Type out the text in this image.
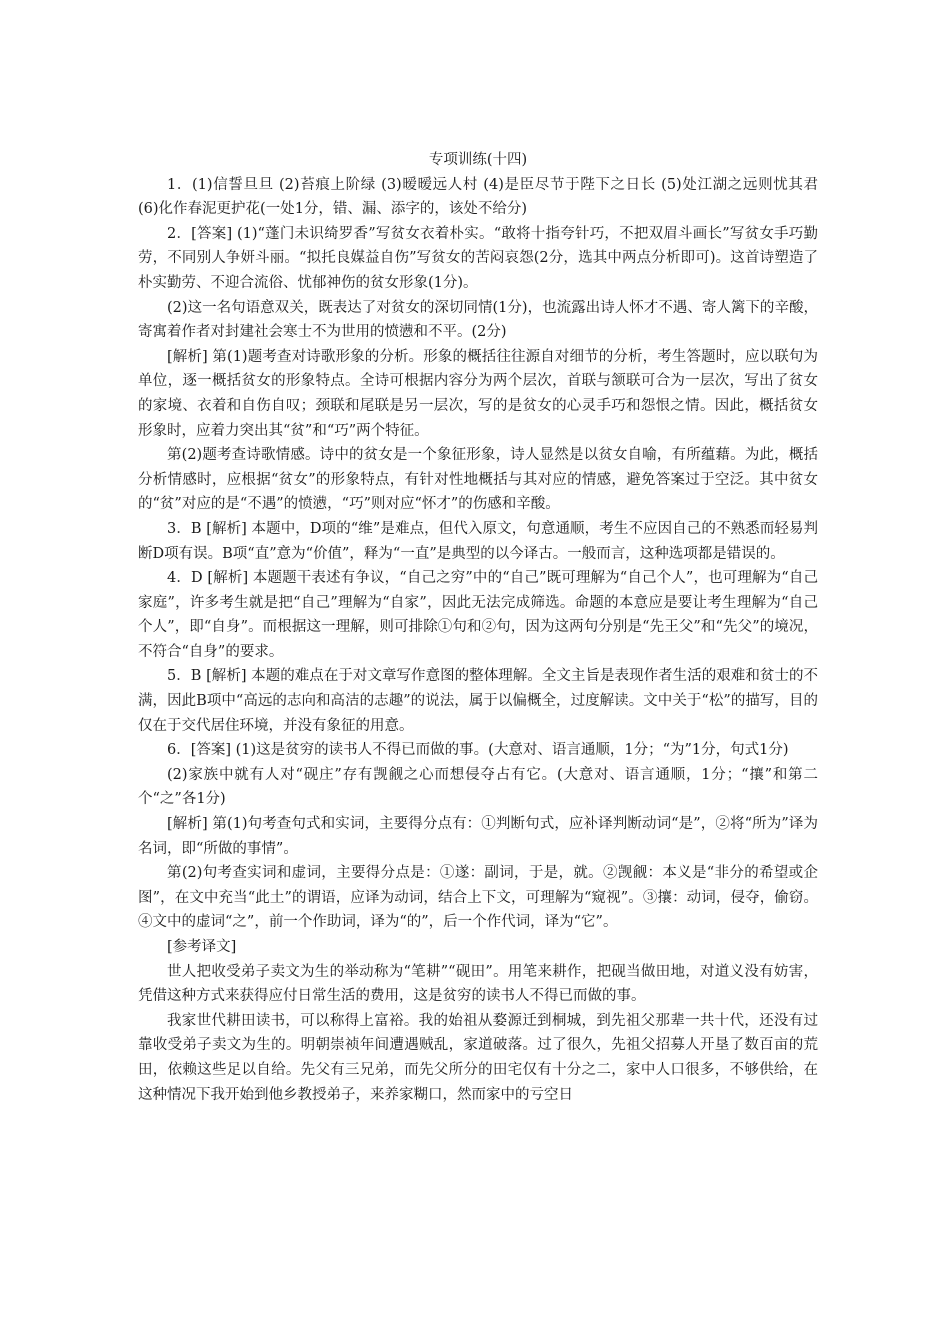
专项训练(十四)

1．(1)信誓旦旦 (2)苔痕上阶绿 (3)暧暧远人村 (4)是臣尽节于陛下之日长 (5)处江湖之远则忧其君　(6)化作春泥更护花(一处1分，错、漏、添字的，该处不给分)

2．[答案] (1)“蓬门未识绮罗香”写贫女衣着朴实。“敢将十指夸针巧，不把双眉斗画长”写贫女手巧勤劳，不同别人争妍斗丽。“拟托良媒益自伤”写贫女的苦闷哀怨(2分，选其中两点分析即可)。这首诗塑造了朴实勤劳、不迎合流俗、忧郁神伤的贫女形象(1分)。

(2)这一名句语意双关，既表达了对贫女的深切同情(1分)，也流露出诗人怀才不遇、寄人篱下的辛酸，寄寓着作者对封建社会寒士不为世用的愤懑和不平。(2分)

[解析] 第(1)题考查对诗歌形象的分析。形象的概括往往源自对细节的分析，考生答题时，应以联句为单位，逐一概括贫女的形象特点。全诗可根据内容分为两个层次，首联与颔联可合为一层次，写出了贫女的家境、衣着和自伤自叹；颈联和尾联是另一层次，写的是贫女的心灵手巧和怨恨之情。因此，概括贫女形象时，应着力突出其“贫”和“巧”两个特征。

第(2)题考查诗歌情感。诗中的贫女是一个象征形象，诗人显然是以贫女自喻，有所蕴藉。为此，概括分析情感时，应根据“贫女”的形象特点，有针对性地概括与其对应的情感，避免答案过于空泛。其中贫女的“贫”对应的是“不遇”的愤懑，“巧”则对应“怀才”的伤感和辛酸。

3．B [解析] 本题中，D项的“维”是难点，但代入原文，句意通顺，考生不应因自己的不熟悉而轻易判断D项有误。B项“直”意为“价值”，释为“一直”是典型的以今译古。一般而言，这种选项都是错误的。

4．D [解析] 本题题干表述有争议，“自己之穷”中的“自己”既可理解为“自己个人”，也可理解为“自己家庭”，许多考生就是把“自己”理解为“自家”，因此无法完成筛选。命题的本意应是要让考生理解为“自己个人”，即“自身”。而根据这一理解，则可排除①句和②句，因为这两句分别是“先王父”和“先父”的境况，不符合“自身”的要求。

5．B [解析] 本题的难点在于对文章写作意图的整体理解。全文主旨是表现作者生活的艰难和贫士的不满，因此B项中“高远的志向和高洁的志趣”的说法，属于以偏概全，过度解读。文中关于“松”的描写，目的仅在于交代居住环境，并没有象征的用意。

6．[答案] (1)这是贫穷的读书人不得已而做的事。(大意对、语言通顺，1分；“为”1分，句式1分)

(2)家族中就有人对“砚庄”存有觊觎之心而想侵夺占有它。(大意对、语言通顺，1分；“攘”和第二个“之”各1分)

[解析] 第(1)句考查句式和实词，主要得分点有：①判断句式，应补译判断动词“是”，②将“所为”译为名词，即“所做的事情”。

第(2)句考查实词和虚词，主要得分点是：①遂：副词，于是，就。②觊觎：本义是“非分的希望或企图”，在文中充当“此土”的谓语，应译为动词，结合上下文，可理解为“窥视”。③攘：动词，侵夺，偷窃。④文中的虚词“之”，前一个作助词，译为“的”，后一个作代词，译为“它”。

[参考译文]

世人把收受弟子卖文为生的举动称为“笔耕”“砚田”。用笔来耕作，把砚当做田地，对道义没有妨害，凭借这种方式来获得应付日常生活的费用，这是贫穷的读书人不得已而做的事。

我家世代耕田读书，可以称得上富裕。我的始祖从婺源迁到桐城，到先祖父那辈一共十代，还没有过靠收受弟子卖文为生的。明朝崇祯年间遭遇贼乱，家道破落。过了很久，先祖父招募人开垦了数百亩的荒田，依赖这些足以自给。先父有三兄弟，而先父所分的田宅仅有十分之二，家中人口很多，不够供给，在这种情况下我开始到他乡教授弟子，来养家糊口，然而家中的亏空日
